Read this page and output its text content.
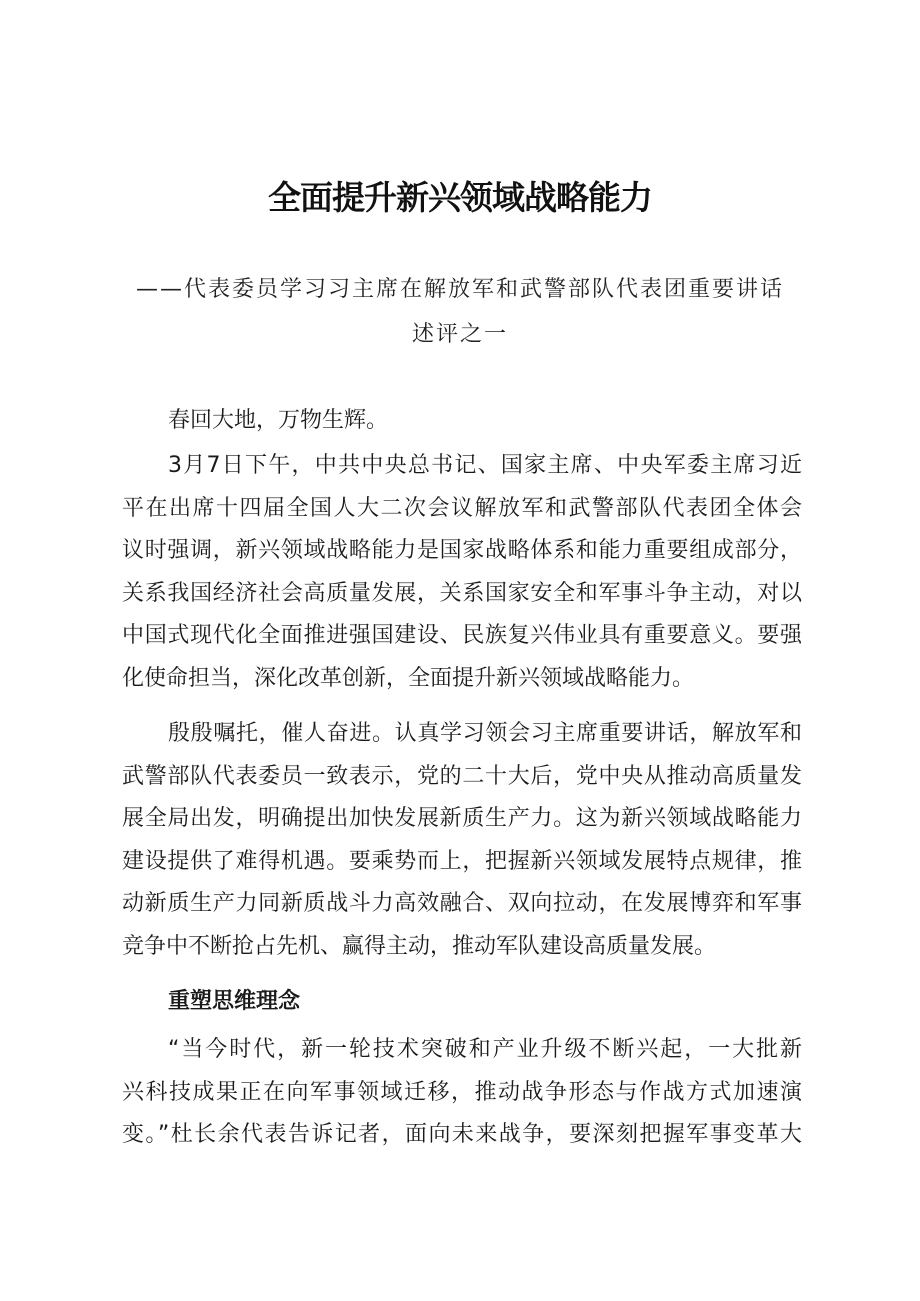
全面提升新兴领域战略能力
——代表委员学习习主席在解放军和武警部队代表团重要讲话
述评之一
春回大地，万物生辉。
3月7日下午，中共中央总书记、国家主席、中央军委主席习近
平在出席十四届全国人大二次会议解放军和武警部队代表团全体会
议时强调，新兴领域战略能力是国家战略体系和能力重要组成部分，
关系我国经济社会高质量发展，关系国家安全和军事斗争主动，对以
中国式现代化全面推进强国建设、民族复兴伟业具有重要意义。要强
化使命担当，深化改革创新，全面提升新兴领域战略能力。
殷殷嘱托，催人奋进。认真学习领会习主席重要讲话，解放军和
武警部队代表委员一致表示，党的二十大后，党中央从推动高质量发
展全局出发，明确提出加快发展新质生产力。这为新兴领域战略能力
建设提供了难得机遇。要乘势而上，把握新兴领域发展特点规律，推
动新质生产力同新质战斗力高效融合、双向拉动，在发展博弈和军事
竞争中不断抢占先机、赢得主动，推动军队建设高质量发展。
重塑思维理念
“当今时代，新一轮技术突破和产业升级不断兴起，一大批新
兴科技成果正在向军事领域迁移，推动战争形态与作战方式加速演
变。”杜长余代表告诉记者，面向未来战争，要深刻把握军事变革大
